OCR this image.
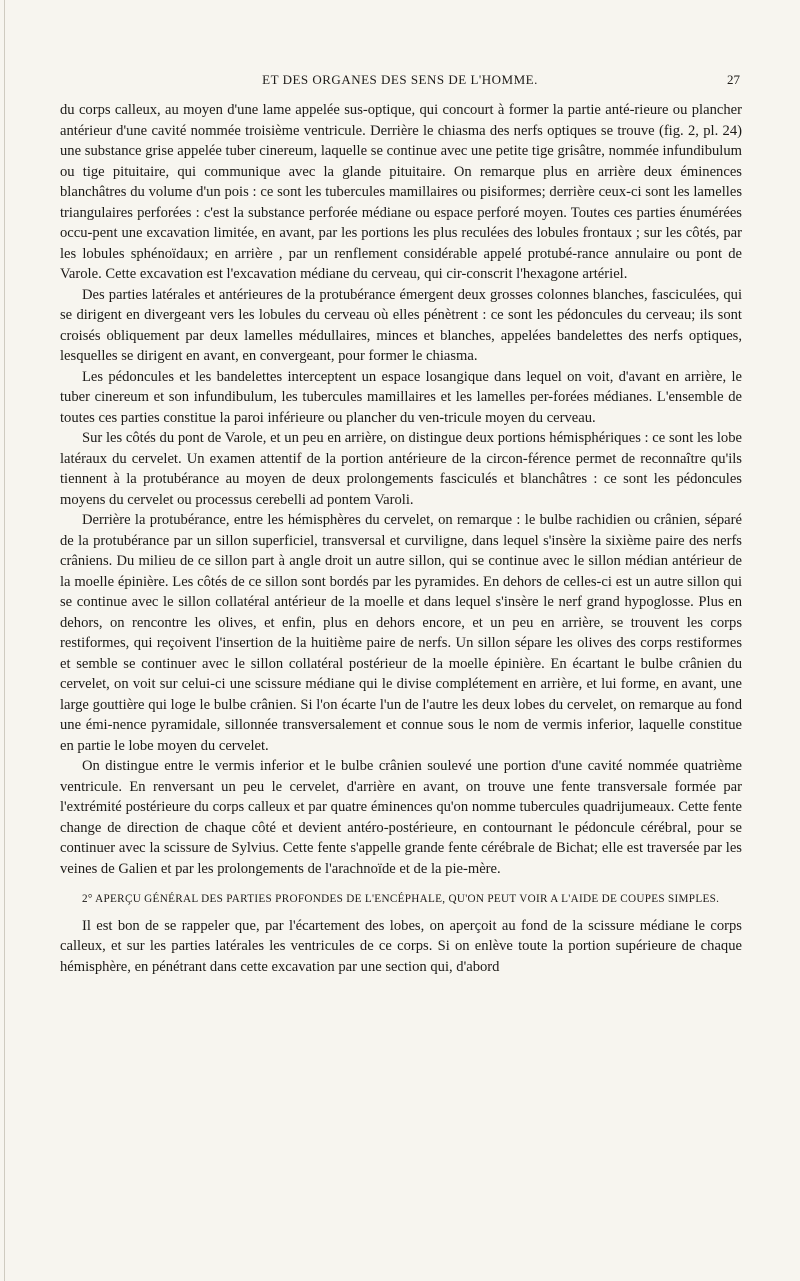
ET DES ORGANES DES SENS DE L'HOMME.	27

du corps calleux, au moyen d'une lame appelée sus-optique, qui concourt à former la partie anté-rieure ou plancher antérieur d'une cavité nommée troisième ventricule. Derrière le chiasma des nerfs optiques se trouve (fig. 2, pl. 24) une substance grise appelée tuber cinereum, laquelle se continue avec une petite tige grisâtre, nommée infundibulum ou tige pituitaire, qui communique avec la glande pituitaire. On remarque plus en arrière deux éminences blanchâtres du volume d'un pois : ce sont les tubercules mamillaires ou pisiformes; derrière ceux-ci sont les lamelles triangulaires perforées : c'est la substance perforée médiane ou espace perforé moyen. Toutes ces parties énumérées occu-pent une excavation limitée, en avant, par les portions les plus reculées des lobules frontaux ; sur les côtés, par les lobules sphénoïdaux; en arrière , par un renflement considérable appelé protubé-rance annulaire ou pont de Varole. Cette excavation est l'excavation médiane du cerveau, qui cir-conscrit l'hexagone artériel.

Des parties latérales et antérieures de la protubérance émergent deux grosses colonnes blanches, fasciculées, qui se dirigent en divergeant vers les lobules du cerveau où elles pénètrent : ce sont les pédoncules du cerveau; ils sont croisés obliquement par deux lamelles médullaires, minces et blanches, appelées bandelettes des nerfs optiques, lesquelles se dirigent en avant, en convergeant, pour former le chiasma.

Les pédoncules et les bandelettes interceptent un espace losangique dans lequel on voit, d'avant en arrière, le tuber cinereum et son infundibulum, les tubercules mamillaires et les lamelles per-forées médianes. L'ensemble de toutes ces parties constitue la paroi inférieure ou plancher du ven-tricule moyen du cerveau.

Sur les côtés du pont de Varole, et un peu en arrière, on distingue deux portions hémisphériques : ce sont les lobe latéraux du cervelet. Un examen attentif de la portion antérieure de la circon-férence permet de reconnaître qu'ils tiennent à la protubérance au moyen de deux prolongements fasciculés et blanchâtres : ce sont les pédoncules moyens du cervelet ou processus cerebelli ad pontem Varoli.

Derrière la protubérance, entre les hémisphères du cervelet, on remarque : le bulbe rachidien ou crânien, séparé de la protubérance par un sillon superficiel, transversal et curviligne, dans lequel s'insère la sixième paire des nerfs crâniens. Du milieu de ce sillon part à angle droit un autre sillon, qui se continue avec le sillon médian antérieur de la moelle épinière. Les côtés de ce sillon sont bordés par les pyramides. En dehors de celles-ci est un autre sillon qui se continue avec le sillon collatéral antérieur de la moelle et dans lequel s'insère le nerf grand hypoglosse. Plus en dehors, on rencontre les olives, et enfin, plus en dehors encore, et un peu en arrière, se trouvent les corps restiformes, qui reçoivent l'insertion de la huitième paire de nerfs. Un sillon sépare les olives des corps restiformes et semble se continuer avec le sillon collatéral postérieur de la moelle épinière. En écartant le bulbe crânien du cervelet, on voit sur celui-ci une scissure médiane qui le divise complétement en arrière, et lui forme, en avant, une large gouttière qui loge le bulbe crânien. Si l'on écarte l'un de l'autre les deux lobes du cervelet, on remarque au fond une émi-nence pyramidale, sillonnée transversalement et connue sous le nom de vermis inferior, laquelle constitue en partie le lobe moyen du cervelet.

On distingue entre le vermis inferior et le bulbe crânien soulevé une portion d'une cavité nommée quatrième ventricule. En renversant un peu le cervelet, d'arrière en avant, on trouve une fente transversale formée par l'extrémité postérieure du corps calleux et par quatre éminences qu'on nomme tubercules quadrijumeaux. Cette fente change de direction de chaque côté et devient antéro-postérieure, en contournant le pédoncule cérébral, pour se continuer avec la scissure de Sylvius. Cette fente s'appelle grande fente cérébrale de Bichat; elle est traversée par les veines de Galien et par les prolongements de l'arachnoïde et de la pie-mère.

2° APERÇU GÉNÉRAL DES PARTIES PROFONDES DE L'ENCÉPHALE, QU'ON PEUT VOIR A L'AIDE DE COUPES SIMPLES.

Il est bon de se rappeler que, par l'écartement des lobes, on aperçoit au fond de la scissure médiane le corps calleux, et sur les parties latérales les ventricules de ce corps. Si on enlève toute la portion supérieure de chaque hémisphère, en pénétrant dans cette excavation par une section qui, d'abord
